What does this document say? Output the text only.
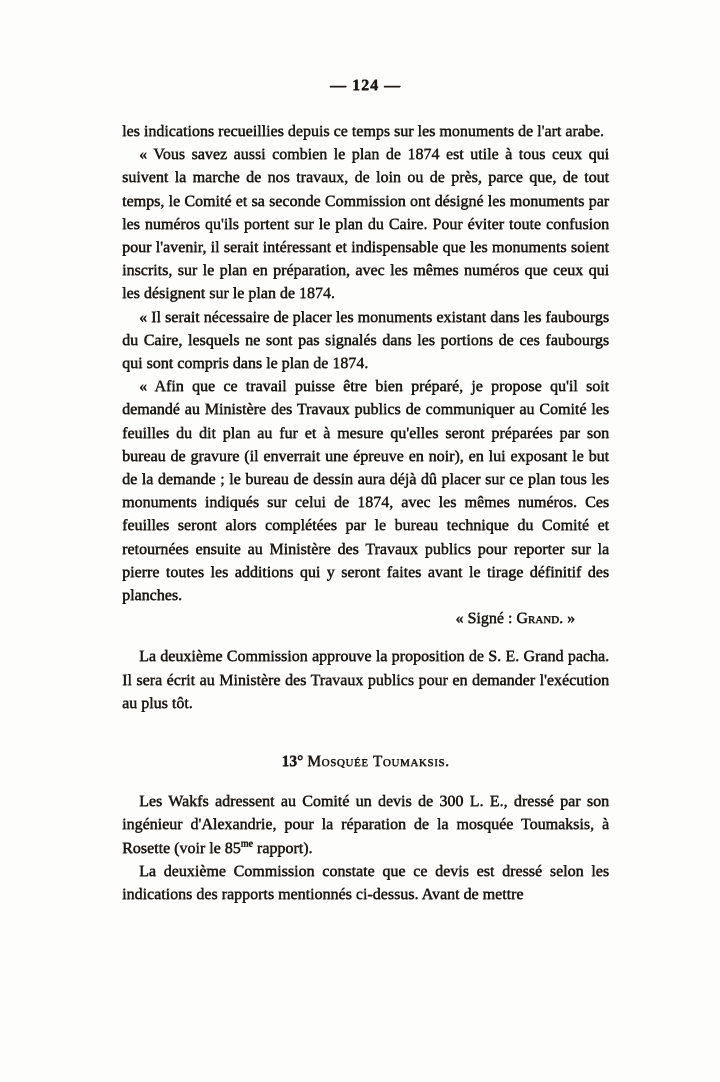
— 124 —

les indications recueillies depuis ce temps sur les monuments de l'art arabe.

« Vous savez aussi combien le plan de 1874 est utile à tous ceux qui suivent la marche de nos travaux, de loin ou de près, parce que, de tout temps, le Comité et sa seconde Commission ont désigné les monuments par les numéros qu'ils portent sur le plan du Caire. Pour éviter toute confusion pour l'avenir, il serait intéressant et indispensable que les monuments soient inscrits, sur le plan en préparation, avec les mêmes numéros que ceux qui les désignent sur le plan de 1874.

« Il serait nécessaire de placer les monuments existant dans les faubourgs du Caire, lesquels ne sont pas signalés dans les portions de ces faubourgs qui sont compris dans le plan de 1874.

« Afin que ce travail puisse être bien préparé, je propose qu'il soit demandé au Ministère des Travaux publics de communiquer au Comité les feuilles du dit plan au fur et à mesure qu'elles seront préparées par son bureau de gravure (il enverrait une épreuve en noir), en lui exposant le but de la demande ; le bureau de dessin aura déjà dû placer sur ce plan tous les monuments indiqués sur celui de 1874, avec les mêmes numéros. Ces feuilles seront alors complétées par le bureau technique du Comité et retournées ensuite au Ministère des Travaux publics pour reporter sur la pierre toutes les additions qui y seront faites avant le tirage définitif des planches.

« Signé : Grand. »

La deuxième Commission approuve la proposition de S. E. Grand pacha. Il sera écrit au Ministère des Travaux publics pour en demander l'exécution au plus tôt.

13° Mosquée Toumaksis.

Les Wakfs adressent au Comité un devis de 300 L. E., dressé par son ingénieur d'Alexandrie, pour la réparation de la mosquée Toumaksis, à Rosette (voir le $85^{me}$ rapport).

La deuxième Commission constate que ce devis est dressé selon les indications des rapports mentionnés ci-dessus. Avant de mettre
